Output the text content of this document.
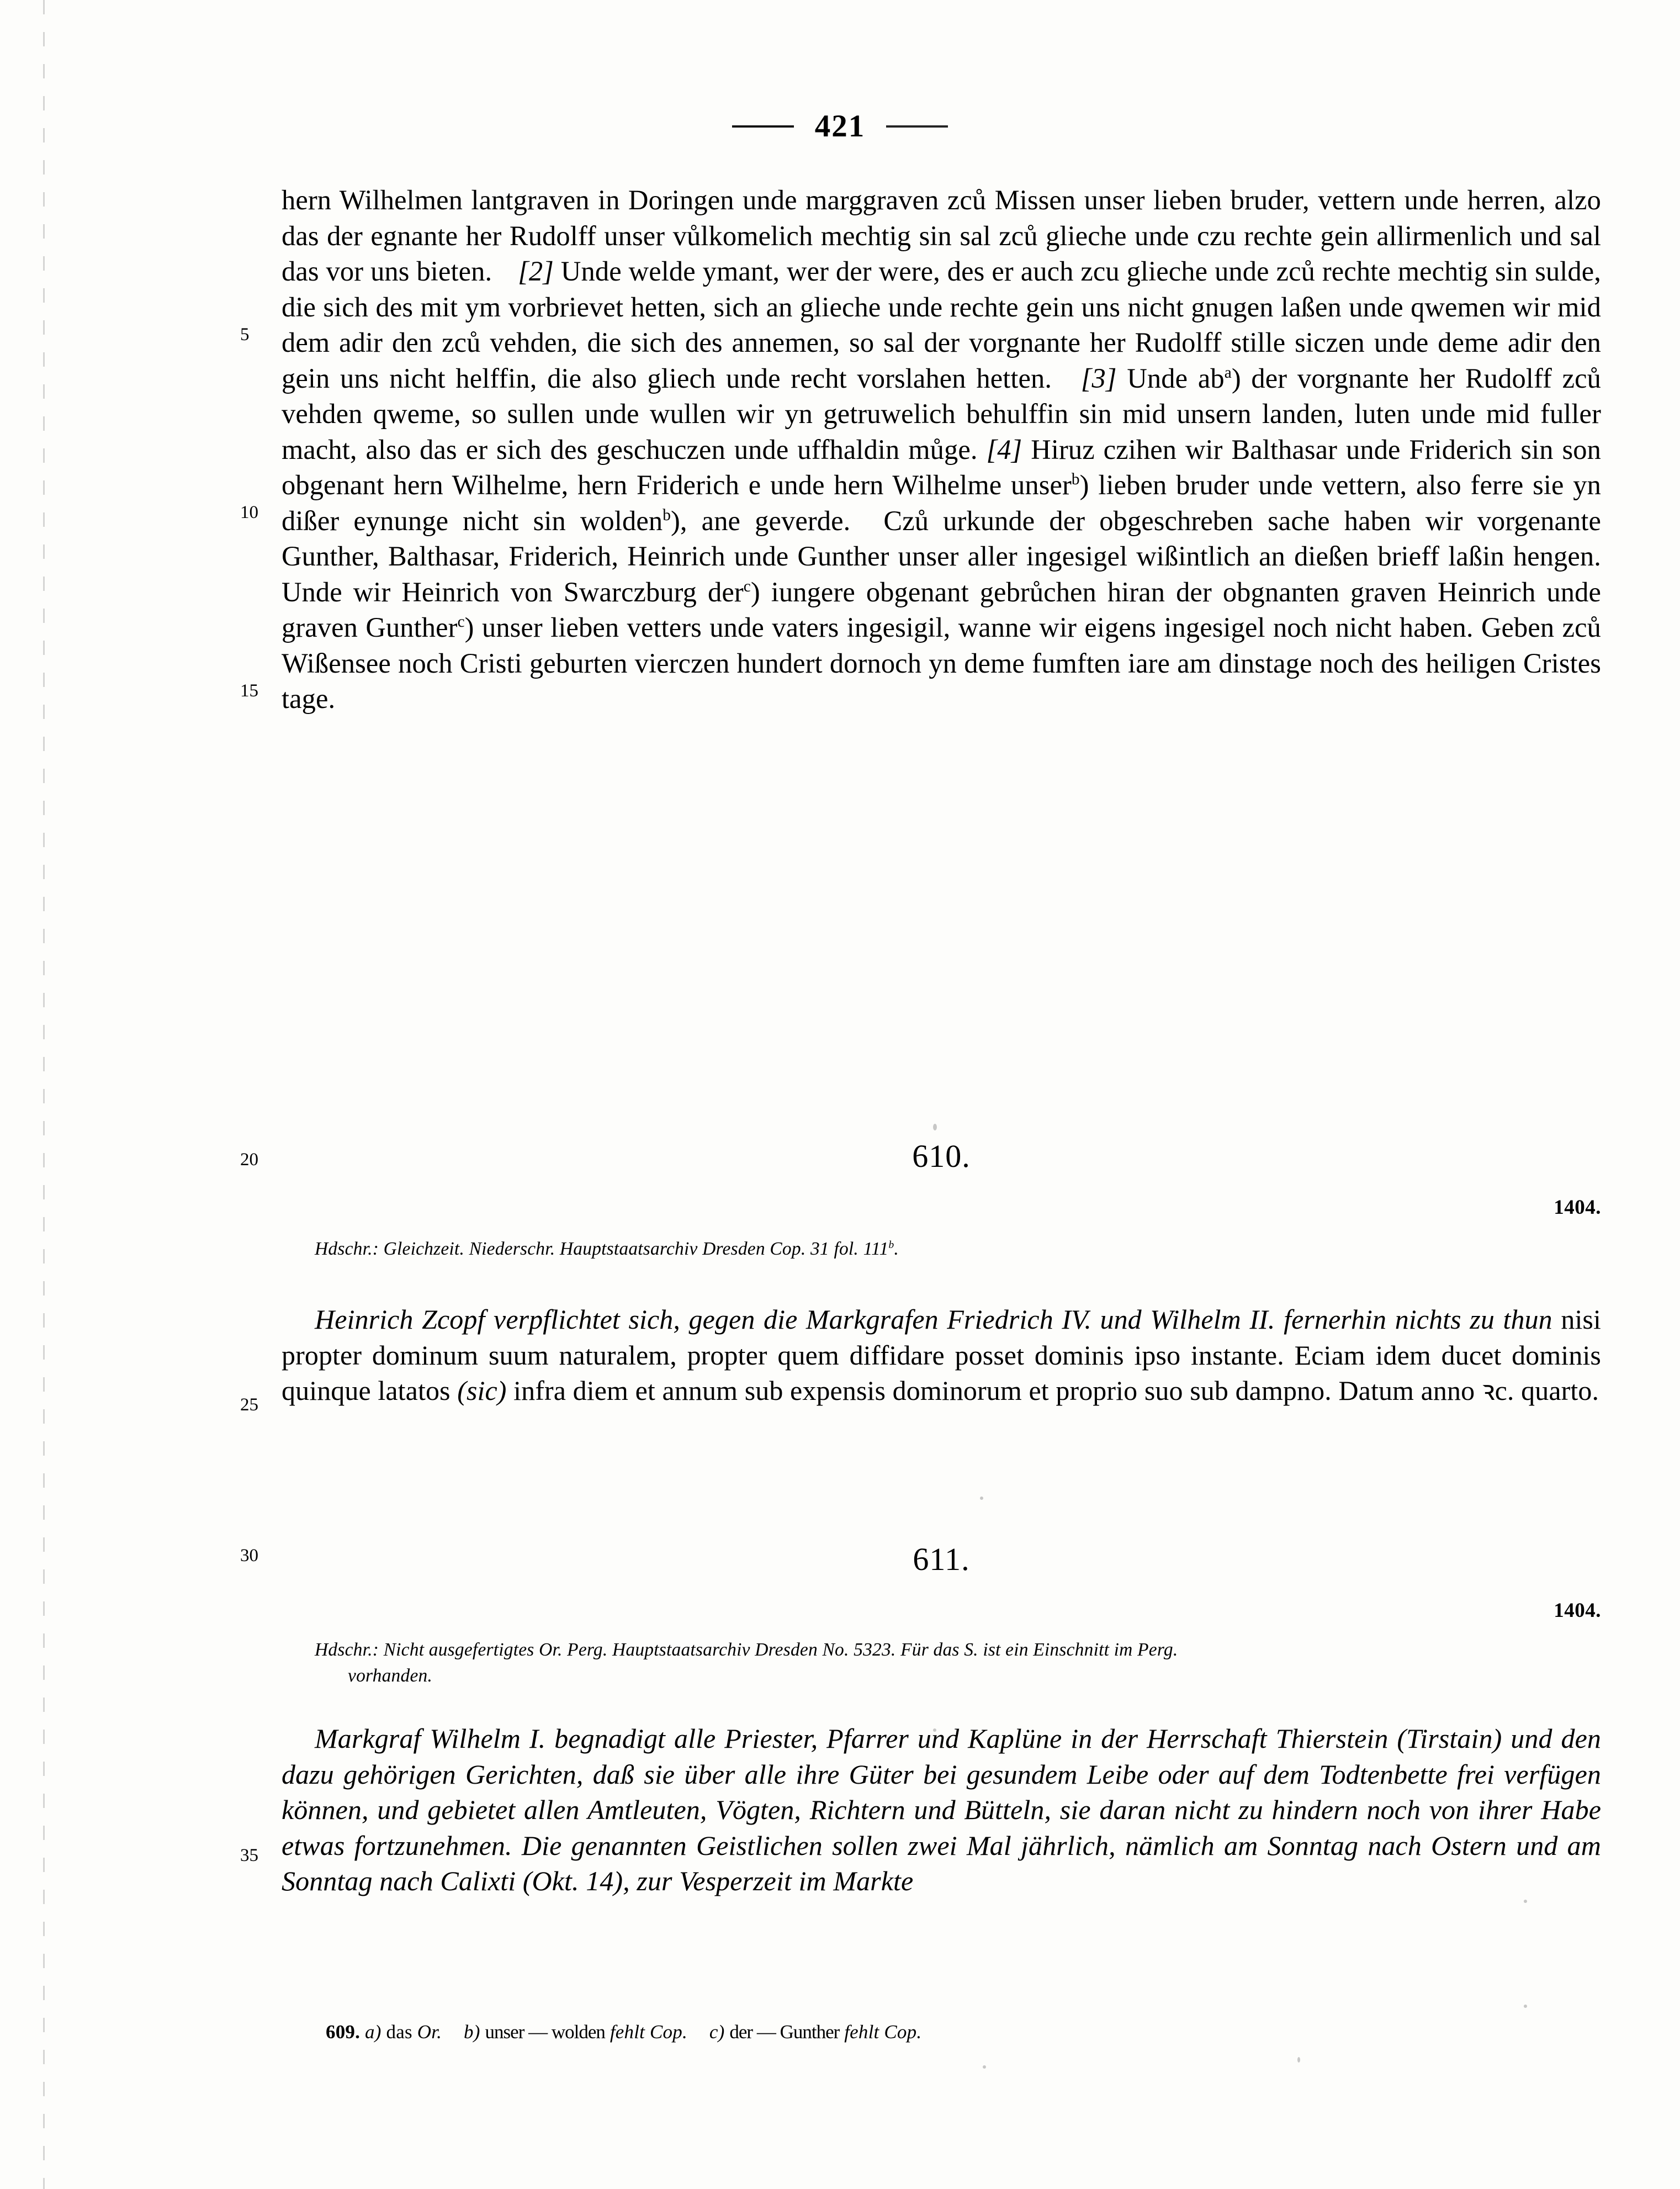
421

hern Wilhelmen lantgraven in Doringen unde marggraven zců Missen unser lieben bruder, vettern unde herren, alzo das der egnante her Rudolff unser vůlkomelich mechtig sin sal zců glieche unde czu rechte gein allirmenlich und sal das vor uns bieten. [2] Unde welde ymant, wer der were, des er auch zcu glieche unde zců rechte mechtig sin sulde, die sich des mit ym vorbrievet hetten, sich an glieche unde rechte gein uns nicht gnugen laßen unde qwemen wir mid dem adir den zců vehden, die sich des annemen, so sal der vorgnante her Rudolff stille siczen unde deme adir den gein uns nicht helffin, die also gliech unde recht vorslahen hetten. [3] Unde ab$^a$) der vorgnante her Rudolff zců vehden qweme, so sullen unde wullen wir yn getruwelich behulffin sin mid unsern landen, luten unde mid fuller macht, also das er sich des geschuczen unde uffhaldin můge. [4] Hiruz czihen wir Balthasar unde Friderich sin son obgenant hern Wilhelme, hern Friderich e unde hern Wilhelme unser$^b$) lieben bruder unde vettern, also ferre sie yn dißer eynunge nicht sin wolden$^b$), ane geverde. Czů urkunde der obgeschreben sache haben wir vorgenante Gunther, Balthasar, Friderich, Heinrich unde Gunther unser aller ingesigel wißintlich an dießen brieff laßin hengen. Unde wir Heinrich von Swarczburg der$^c$) iungere obgenant gebrůchen hiran der obgnanten graven Heinrich unde graven Gunther$^c$) unser lieben vetters unde vaters ingesigil, wanne wir eigens ingesigel noch nicht haben. Geben zců Wißensee noch Cristi geburten vierczen hundert dornoch yn deme fumften iare am dinstage noch des heiligen Cristes tage.

5
10
15
610.
20
1404.
Hdschr.: Gleichzeit. Niederschr. Hauptstaatsarchiv Dresden Cop. 31 fol. 111$^b$.

Heinrich Zcopf verpflichtet sich, gegen die Markgrafen Friedrich IV. und Wilhelm II. fernerhin nichts zu thun nisi propter dominum suum naturalem, propter quem diffidare posset dominis ipso instante. Eciam idem ducet dominis quinque latatos (sic) infra diem et annum sub expensis dominorum et proprio suo sub dampno. Datum anno ꝛc. quarto.

25
611.
1404.
30
Hdschr.: Nicht ausgefertigtes Or. Perg. Hauptstaatsarchiv Dresden No. 5323. Für das S. ist ein Einschnitt im Perg.
vorhanden.

Markgraf Wilhelm I. begnadigt alle Priester, Pfarrer und Kaplüne in der Herrschaft Thierstein (Tirstain) und den dazu gehörigen Gerichten, daß sie über alle ihre Güter bei gesundem Leibe oder auf dem Todtenbette frei verfügen können, und gebietet allen Amtleuten, Vögten, Richtern und Bütteln, sie daran nicht zu hindern noch von ihrer Habe etwas fortzunehmen. Die genannten Geistlichen sollen zwei Mal jährlich, nämlich am Sonntag nach Ostern und am Sonntag nach Calixti (Okt. 14), zur Vesperzeit im Markte

35
609. a) das Or. b) unser — wolden fehlt Cop. c) der — Gunther fehlt Cop.
